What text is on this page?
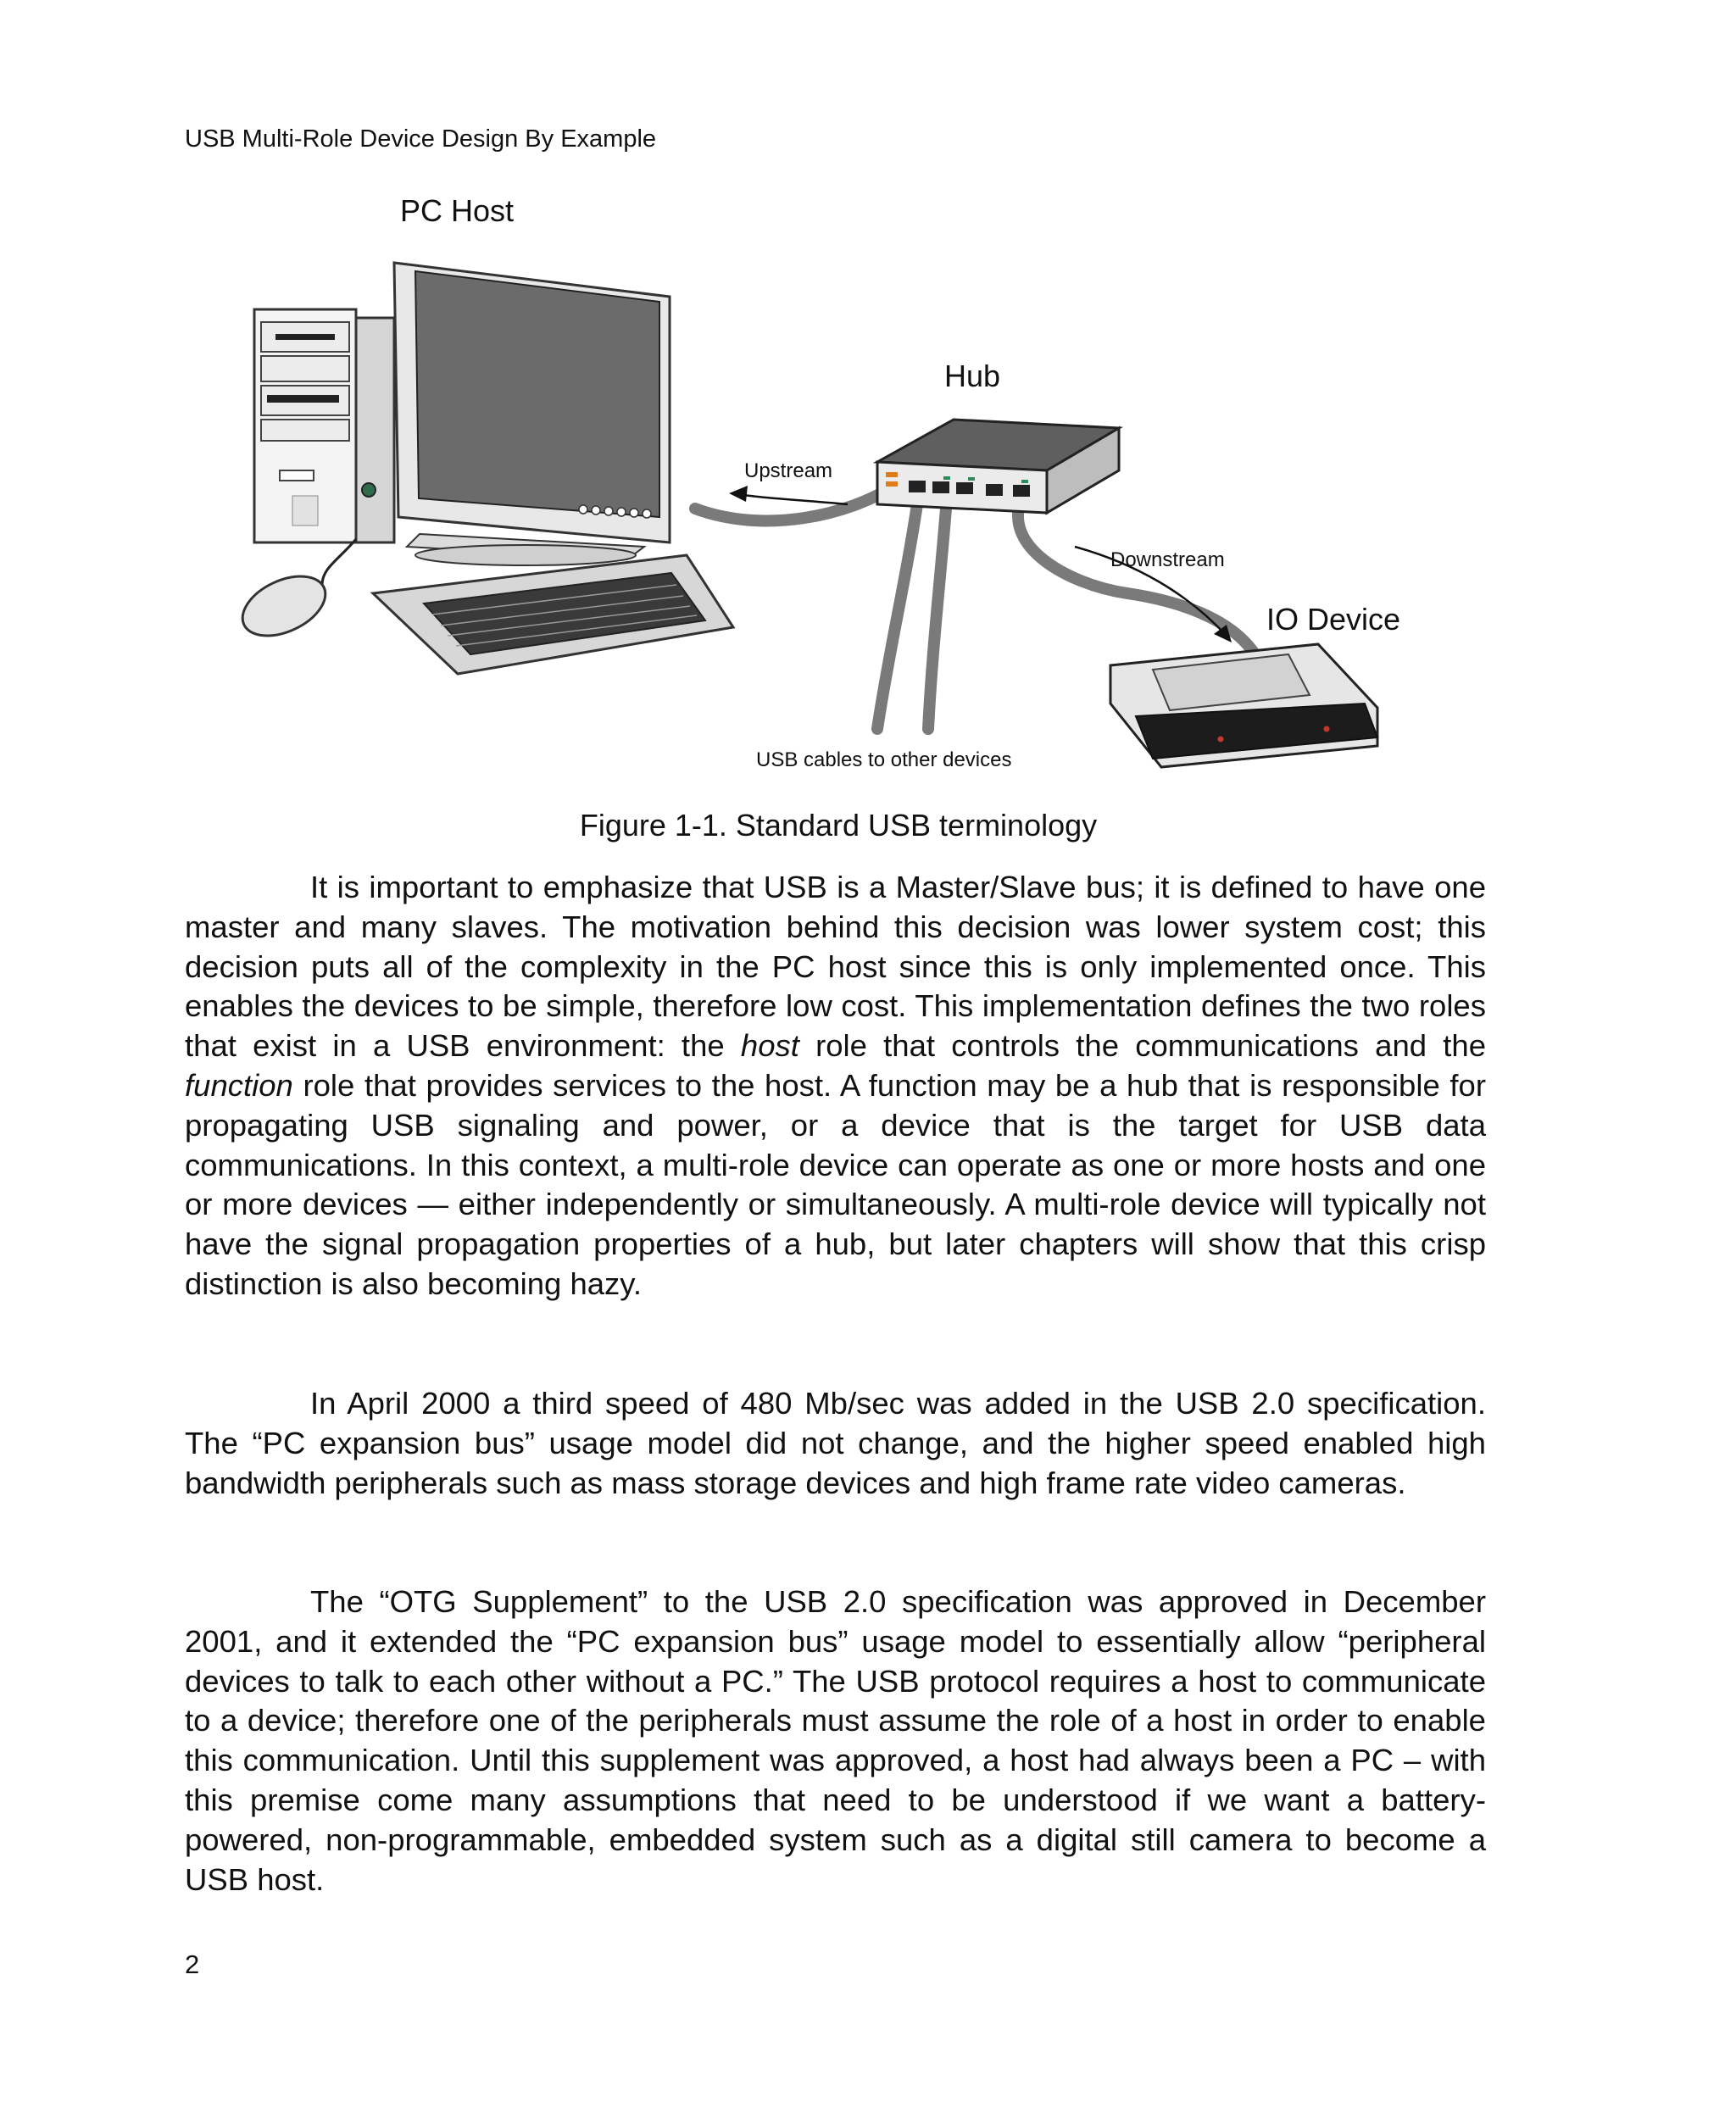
USB Multi-Role Device Design By Example
PC Host
Hub
Upstream
Downstream
IO Device
USB cables to other devices
Figure 1-1. Standard USB terminology

It is important to emphasize that USB is a Master/Slave bus; it is defined to have one master and many slaves. The motivation behind this decision was lower system cost; this decision puts all of the complexity in the PC host since this is only implemented once. This enables the devices to be simple, therefore low cost. This implementation defines the two roles that exist in a USB environment: the host role that controls the communications and the function role that provides services to the host. A function may be a hub that is responsible for propagating USB signaling and power, or a device that is the target for USB data communications. In this context, a multi-role device can operate as one or more hosts and one or more devices — either independently or simultaneously. A multi-role device will typically not have the signal propagation properties of a hub, but later chapters will show that this crisp distinction is also becoming hazy.

In April 2000 a third speed of 480 Mb/sec was added in the USB 2.0 specification. The “PC expansion bus” usage model did not change, and the higher speed enabled high bandwidth peripherals such as mass storage devices and high frame rate video cameras.

The “OTG Supplement” to the USB 2.0 specification was approved in December 2001, and it extended the “PC expansion bus” usage model to essentially allow “peripheral devices to talk to each other without a PC.” The USB protocol requires a host to communicate to a device; therefore one of the peripherals must assume the role of a host in order to enable this communication. Until this supplement was approved, a host had always been a PC – with this premise come many assumptions that need to be understood if we want a battery-powered, non-programmable, embedded system such as a digital still camera to become a USB host.

2
